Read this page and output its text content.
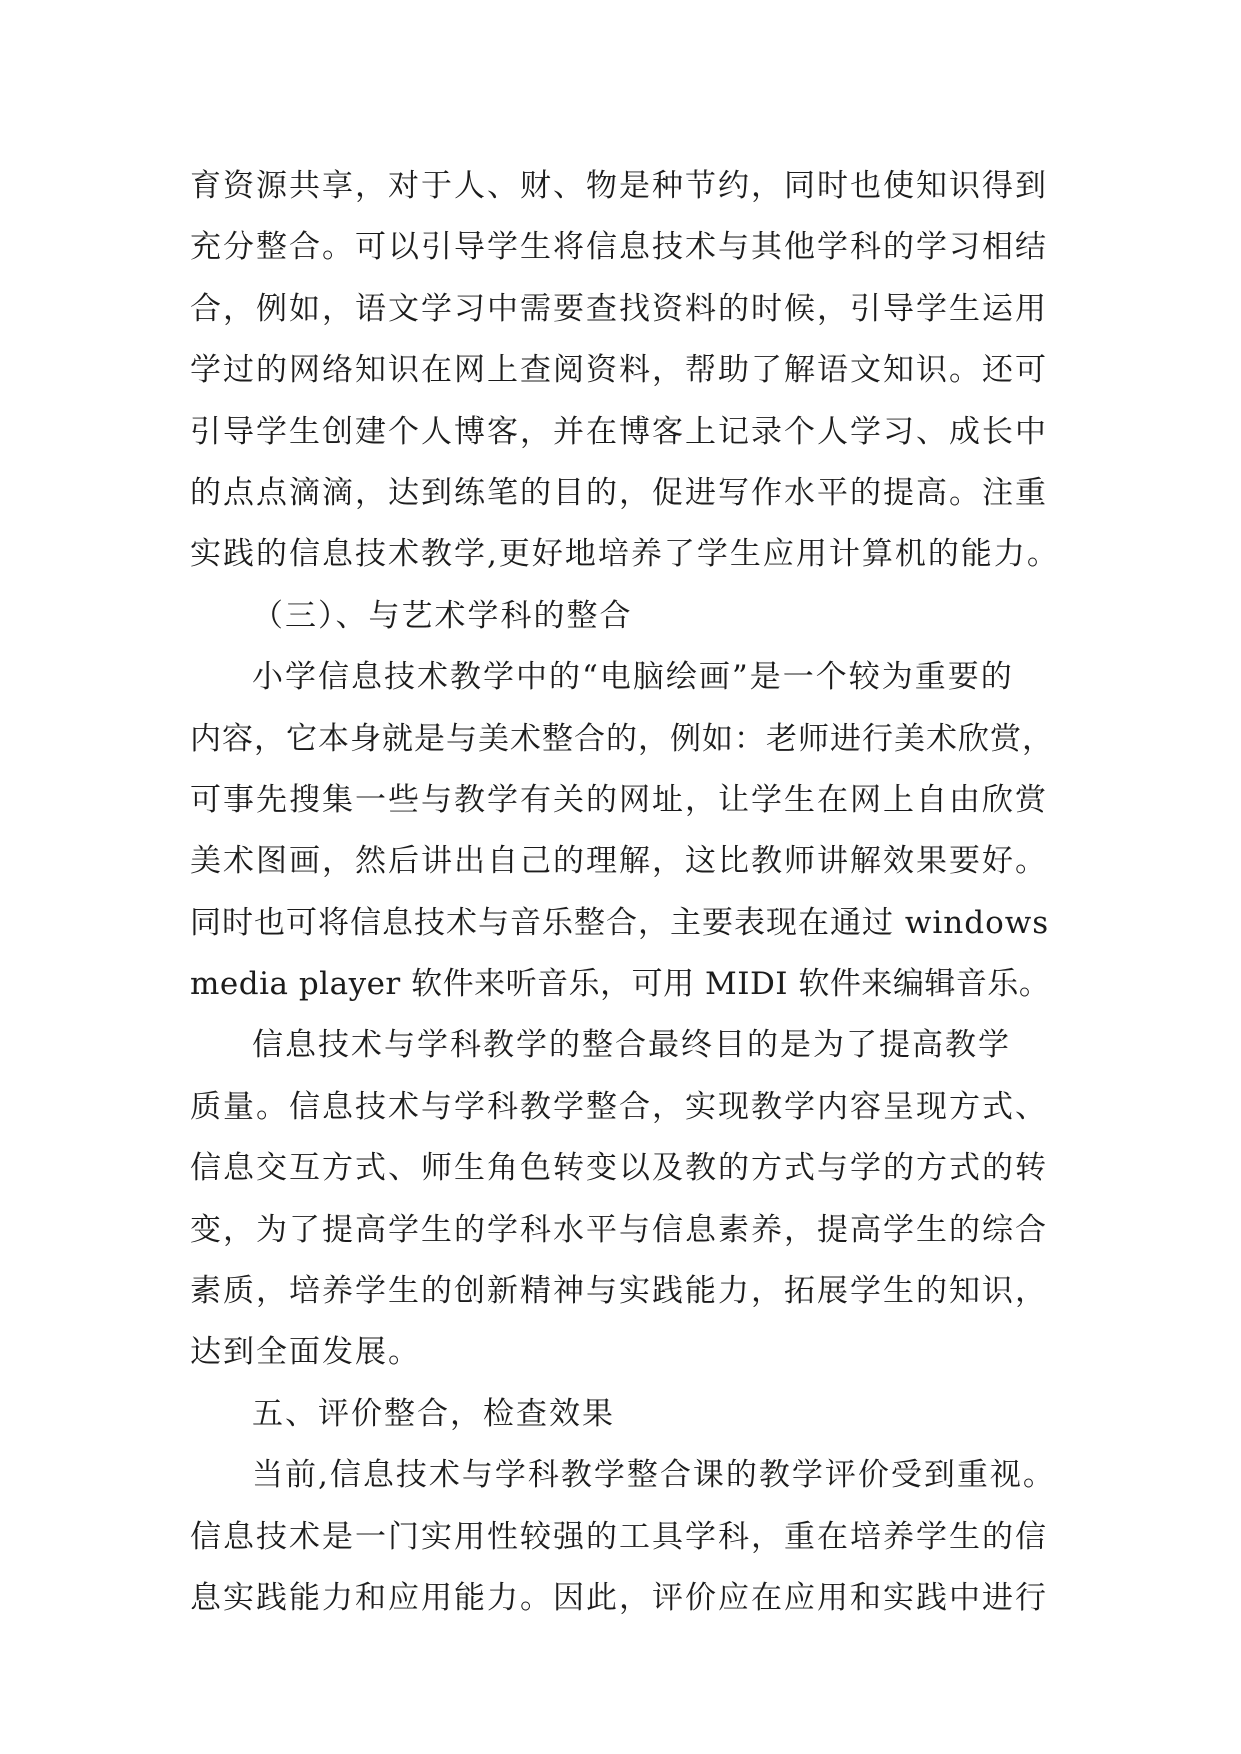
育资源共享，对于人、财、物是种节约，同时也使知识得到
充分整合。可以引导学生将信息技术与其他学科的学习相结
合，例如，语文学习中需要查找资料的时候，引导学生运用
学过的网络知识在网上查阅资料，帮助了解语文知识。还可
引导学生创建个人博客，并在博客上记录个人学习、成长中
的点点滴滴，达到练笔的目的，促进写作水平的提高。注重
实践的信息技术教学,更好地培养了学生应用计算机的能力。
（三）、与艺术学科的整合
小学信息技术教学中的“电脑绘画”是一个较为重要的
内容，它本身就是与美术整合的，例如：老师进行美术欣赏，
可事先搜集一些与教学有关的网址，让学生在网上自由欣赏
美术图画，然后讲出自己的理解，这比教师讲解效果要好。
同时也可将信息技术与音乐整合，主要表现在通过 windows
media player 软件来听音乐，可用 MIDI 软件来编辑音乐。
信息技术与学科教学的整合最终目的是为了提高教学
质量。信息技术与学科教学整合，实现教学内容呈现方式、
信息交互方式、师生角色转变以及教的方式与学的方式的转
变，为了提高学生的学科水平与信息素养，提高学生的综合
素质，培养学生的创新精神与实践能力，拓展学生的知识，
达到全面发展。
五、评价整合，检查效果
当前,信息技术与学科教学整合课的教学评价受到重视。
信息技术是一门实用性较强的工具学科，重在培养学生的信
息实践能力和应用能力。因此，评价应在应用和实践中进行
